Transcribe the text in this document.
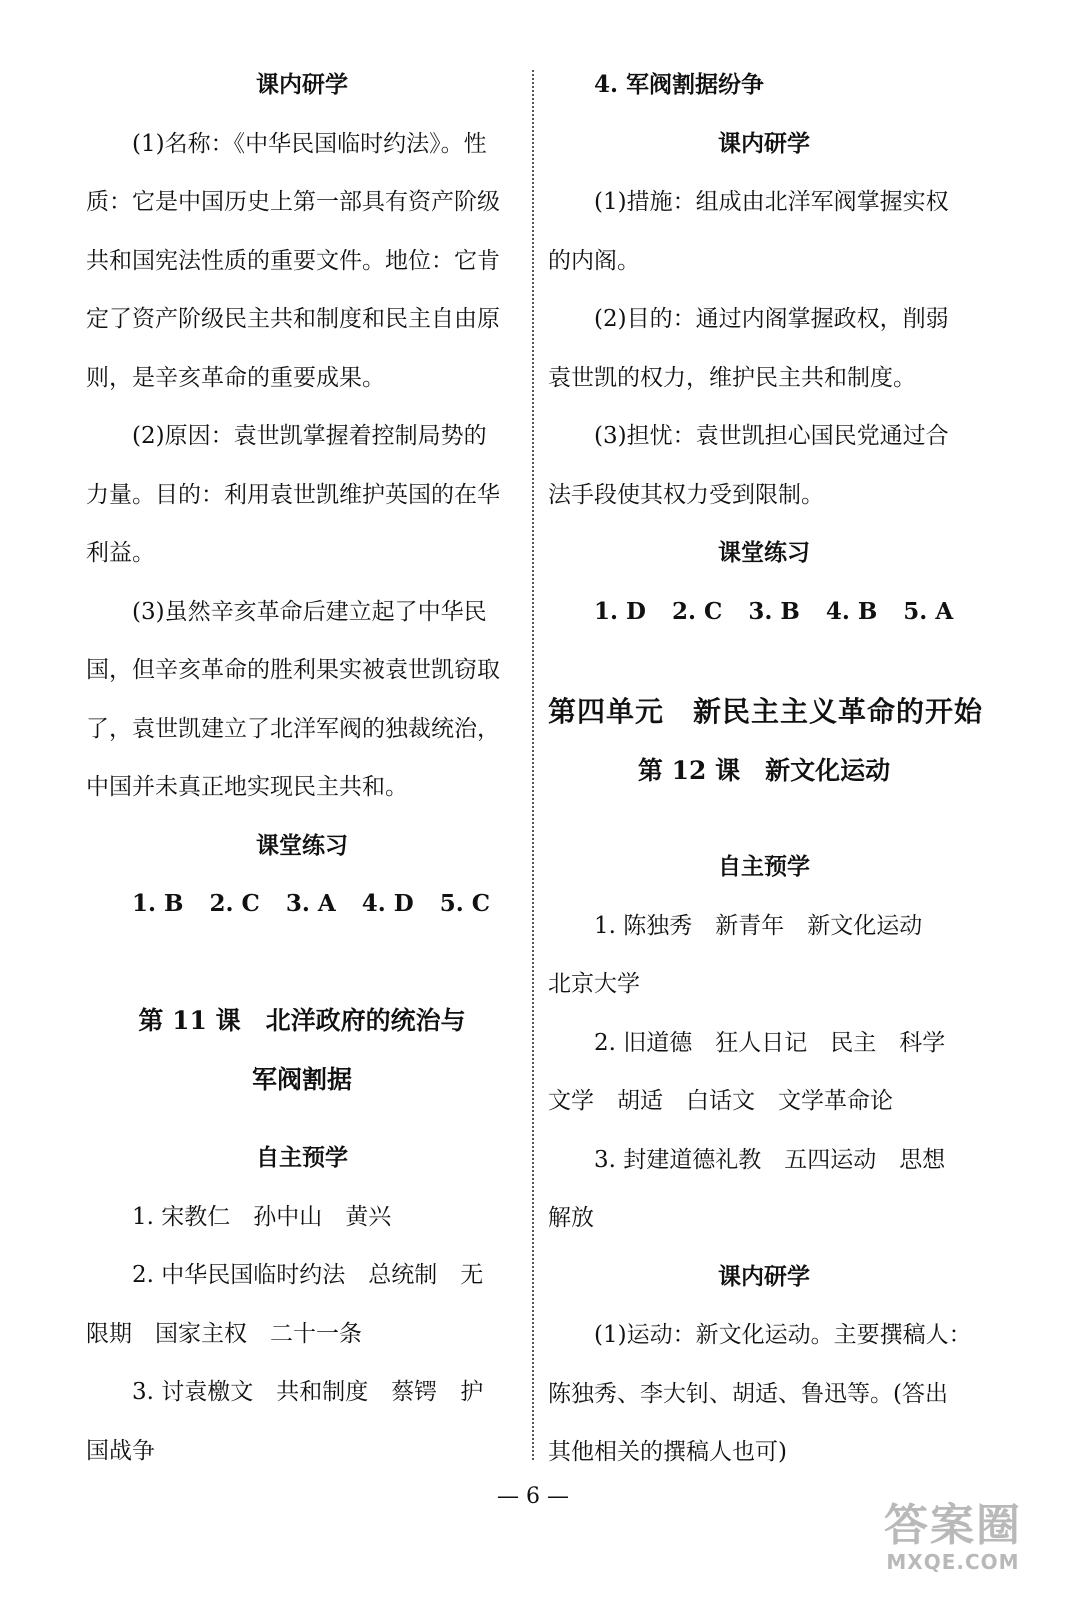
课内研学
(1)名称：《中华民国临时约法》。性
质：它是中国历史上第一部具有资产阶级
共和国宪法性质的重要文件。地位：它肯
定了资产阶级民主共和制度和民主自由原
则，是辛亥革命的重要成果。
(2)原因：袁世凯掌握着控制局势的
力量。目的：利用袁世凯维护英国的在华
利益。
(3)虽然辛亥革命后建立起了中华民
国，但辛亥革命的胜利果实被袁世凯窃取
了，袁世凯建立了北洋军阀的独裁统治，
中国并未真正地实现民主共和。
课堂练习
1. B 2. C 3. A 4. D 5. C
第 11 课　北洋政府的统治与
军阀割据
自主预学
1. 宋教仁　孙中山　黄兴
2. 中华民国临时约法　总统制　无
限期　国家主权　二十一条
3. 讨袁檄文　共和制度　蔡锷　护
国战争
4. 军阀割据纷争
课内研学
(1)措施：组成由北洋军阀掌握实权
的内阁。
(2)目的：通过内阁掌握政权，削弱
袁世凯的权力，维护民主共和制度。
(3)担忧：袁世凯担心国民党通过合
法手段使其权力受到限制。
课堂练习
1. D 2. C 3. B 4. B 5. A
第四单元　新民主主义革命的开始
第 12 课　新文化运动
自主预学
1. 陈独秀　新青年　新文化运动
北京大学
2. 旧道德　狂人日记　民主　科学
文学　胡适　白话文　文学革命论
3. 封建道德礼教　五四运动　思想
解放
课内研学
(1)运动：新文化运动。主要撰稿人：
陈独秀、李大钊、胡适、鲁迅等。(答出
其他相关的撰稿人也可)
— 6 —
答案圈
MXQE.COM
